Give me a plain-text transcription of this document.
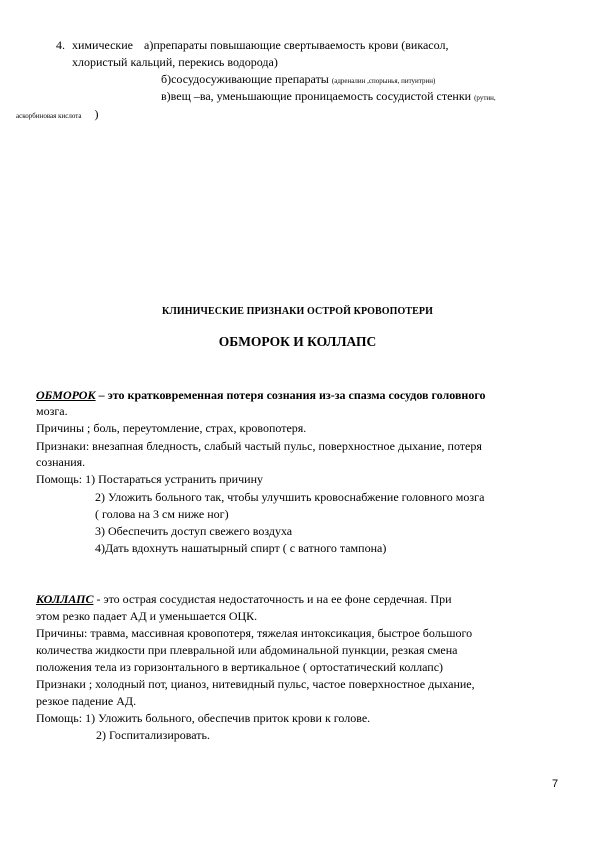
4. химические а)препараты повышающие свертываемость крови (викасол,
хлористый кальций, перекись водорода)
б)сосудосуживающие препараты (адреналин ,спорынья, питуитрин)
в)вещ –ва, уменьшающие проницаемость сосудистой стенки (рутин,
аскорбиновая кислота )
КЛИНИЧЕСКИЕ ПРИЗНАКИ ОСТРОЙ КРОВОПОТЕРИ
ОБМОРОК И КОЛЛАПС
ОБМОРОК – это кратковременная потеря сознания из-за спазма сосудов головного
мозга.
Причины ; боль, переутомление, страх, кровопотеря.
Признаки: внезапная бледность, слабый частый пульс, поверхностное дыхание, потеря
сознания.
Помощь: 1) Постараться устранить причину
2) Уложить больного так, чтобы улучшить кровоснабжение головного мозга
( голова на 3 см ниже ног)
3) Обеспечить доступ свежего воздуха
4)Дать вдохнуть нашатырный спирт ( с ватного тампона)
КОЛЛАПС - это острая сосудистая недостаточность и на ее фоне сердечная. При
этом резко падает АД и уменьшается ОЦК.
Причины: травма, массивная кровопотеря, тяжелая интоксикация, быстрое большого
количества жидкости при плевральной или абдоминальной пункции, резкая смена
положения тела из горизонтального в вертикальное ( ортостатический коллапс)
Признаки ; холодный пот, цианоз, нитевидный пульс, частое поверхностное дыхание,
резкое падение АД.
Помощь: 1) Уложить больного, обеспечив приток крови к голове.
2) Госпитализировать.
7
